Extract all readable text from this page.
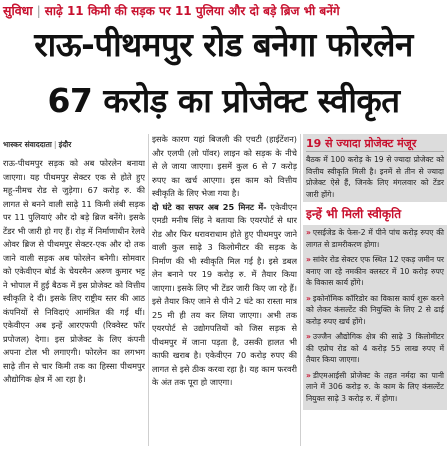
सुविधा | साढ़े 11 किमी की सड़क पर 11 पुलिया और दो बड़े ब्रिज भी बनेंगे
राऊ-पीथमपुर रोड बनेगा फोरलेन
67 करोड़ का प्रोजेक्ट स्वीकृत
भास्कर संवाददाता | इंदौर

राऊ-पीथमपुर सड़क को अब फोरलेन बनाया जाएगा। यह पीथमपुर सेक्टर एक से होते हुए महू-नीमच रोड से जुड़ेगा। 67 करोड़ रु. की लागत से बनने वाली साढ़े 11 किमी लंबी सड़क पर 11 पुलियाएं और दो बड़े ब्रिज बनेंगे। इसके टेंडर भी जारी हो गए हैं। रोड़ में निर्माणाधीन रेलवे ओवर ब्रिज से पीथमपुर सेक्टर-एक और दो तक जाने वाली सड़क अब फोरलेन बनेगी। सोमवार को एकेवीएन बोर्ड के चेयरमैन अरुण कुमार भट्ट ने भोपाल में हुई बैठक में इस प्रोजेक्ट को वित्तीय स्वीकृति दे दी। इसके लिए राष्ट्रीय स्तर की आठ कंपनियों से निविदाएं आमंत्रित की गई थीं। एकेवीएन अब इन्हें आरएफपी (रिक्वेस्ट फॉर प्रपोजल) देगा। इस प्रोजेक्ट के लिए कंपनी अपना टोल भी लगाएगी। फोरलेन का लगभग साढ़े तीन से चार किमी तक का हिस्सा पीथमपुर औद्योगिक क्षेत्र में आ रहा है।

इसके कारण यहां बिजली की एचटी (हाईटेंशन) और एलपी (लो पॉवर) लाइन को सड़क के नीचे से ले जाया जाएगा। इसमें कुल 6 से 7 करोड़ रुपए का खर्च आएगा। इस काम को वित्तीय स्वीकृति के लिए भेजा गया है।

दो घंटे का सफर अब 25 मिनट में- एकेवीएन एमडी मनीष सिंह ने बताया कि एयरपोर्ट से धार रोड और फिर धरावराधाम होते हुए पीथमपुर जाने वाली कुल साढ़े 3 किलोमीटर की सड़क के निर्माण की भी स्वीकृति मिल गई है। इसे डबल लेन बनाने पर 19 करोड़ रु. में तैयार किया जाएगा। इसके लिए भी टेंडर जारी किए जा रहे हैं। इसे तैयार किए जाने से पीने 2 घंटे का रास्ता मात्र 25 मी ही तय कर लिया जाएगा। अभी तक एयरपोर्ट से उद्योगपतियों को जिस सड़क से पीथमपुर में जाना पड़ता है, उसकी हालत भी काफी खराब है। एकेवीएन 70 करोड़ रुपए की लागत से इसे ठीक करवा रहा है। यह काम फरवरी के अंत तक पूरा हो जाएगा।

19 से ज्यादा प्रोजेक्ट मंजूर
बैठक में 100 करोड़ के 19 से ज्यादा प्रोजेक्ट को वित्तीय स्वीकृति मिली है। इनमें से तीन से ज्यादा प्रोजेक्ट ऐसे हैं, जिनके लिए मंगलवार को टेंडर जारी होंगे।
इन्हें भी मिली स्वीकृति
» एसईजेड के फेस-2 में पीने पांच करोड़ रुपए की लागत से डामरीकरण होगा।
» सांवेर रोड सेक्टर एफ स्थित 12 एकड़ जमीन पर बनाए जा रहे नमकीन क्लस्टर में 10 करोड़ रुपए के विकास कार्य होंगे।
» इकोनॉमिक कॉरिडोर का विकास कार्य शुरू करने को लेकर कंसल्टेंट की नियुक्ति के लिए 2 से ढाई करोड़ रुपए खर्च होंगे।
» उज्जैन औद्योगिक क्षेत्र की साढ़े 3 किलोमीटर की एप्रोच रोड को 4 करोड़ 55 लाख रुपए में तैयार किया जाएगा।
» डीएमआईसी प्रोजेक्ट के तहत नर्मदा का पानी लाने में 306 करोड़ रु. के काम के लिए कंसल्टेंट नियुक्त साढ़े 3 करोड़ रु. में होगा।
